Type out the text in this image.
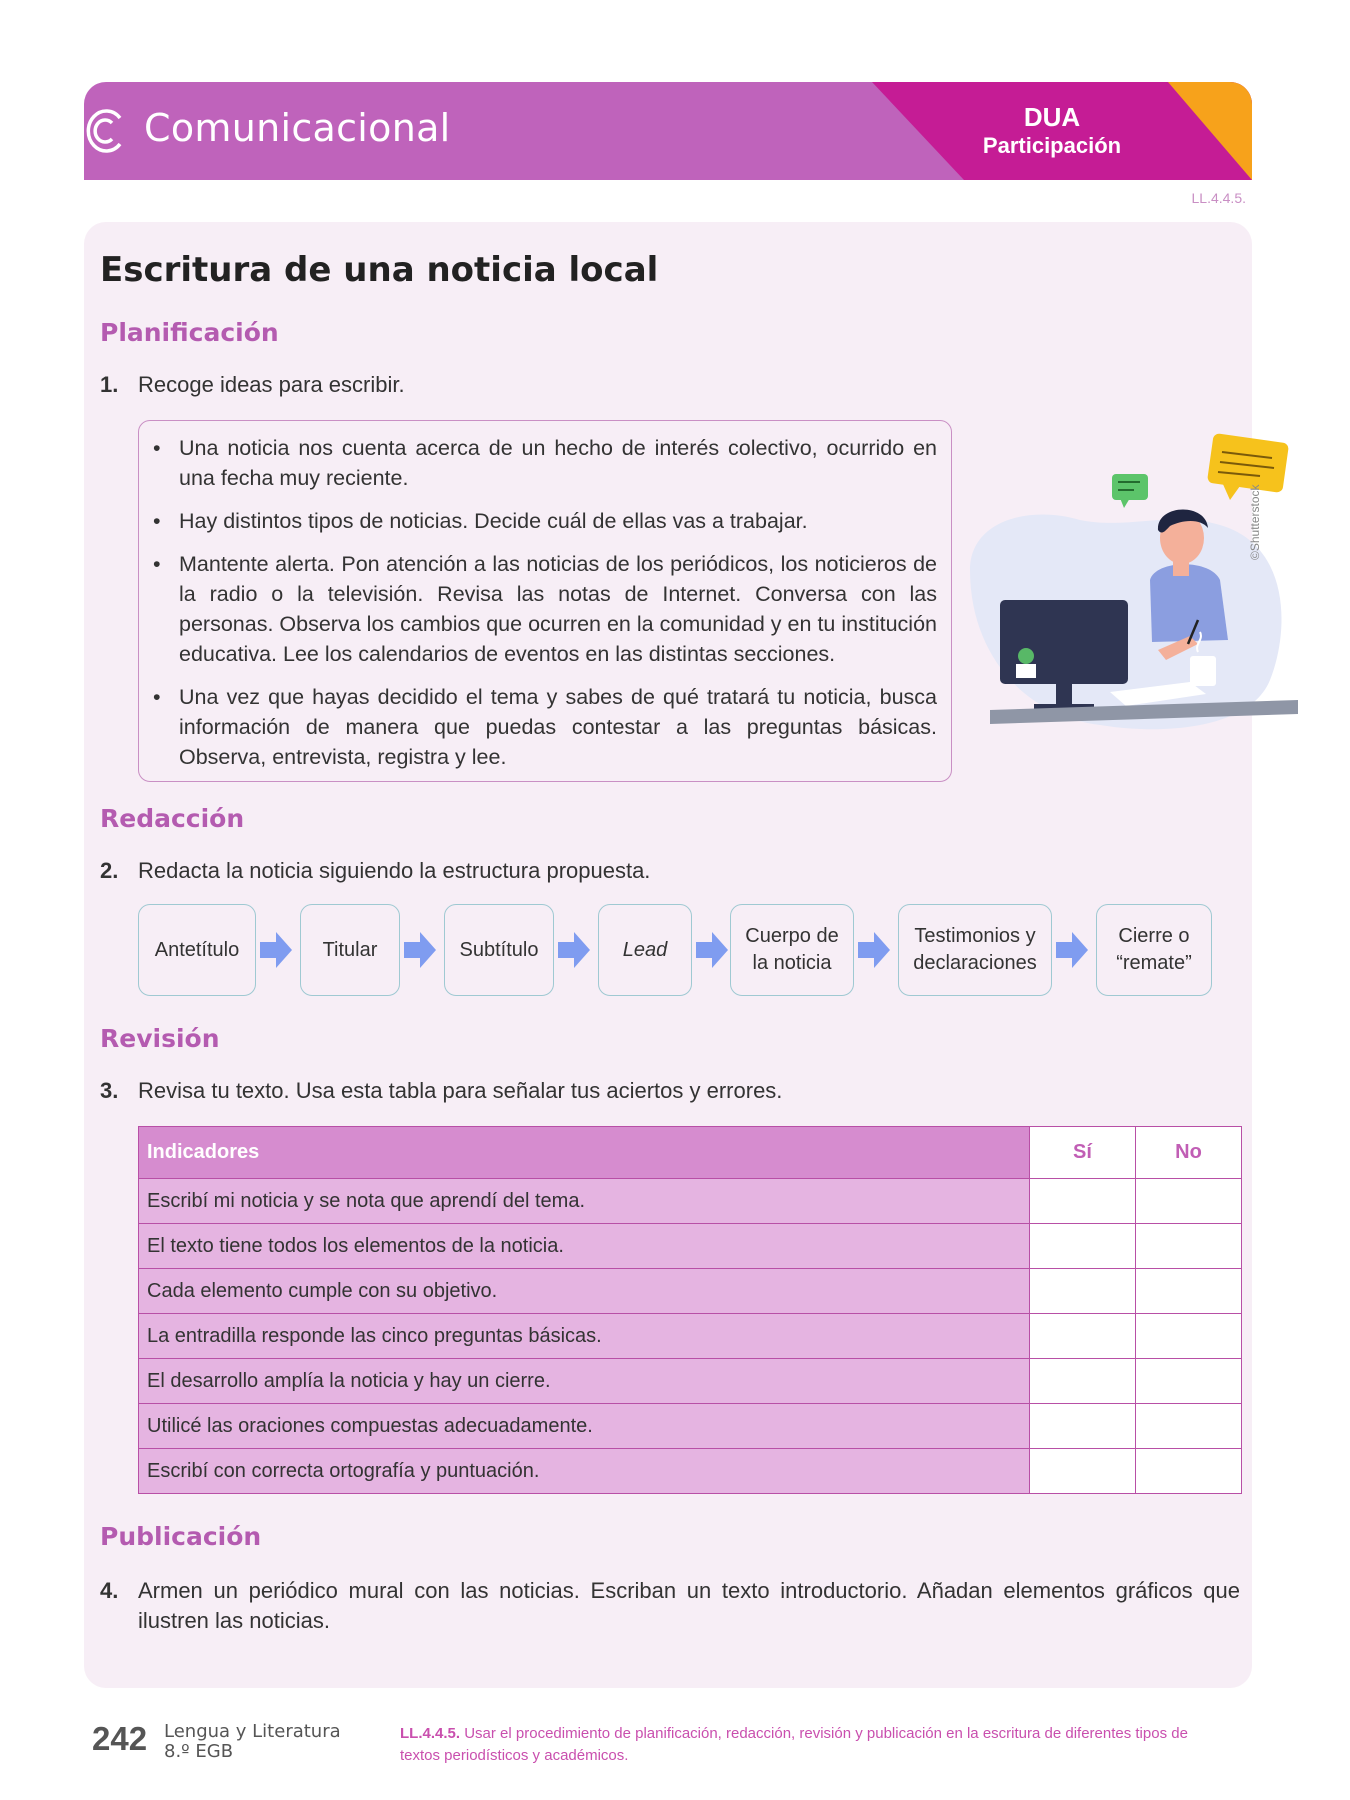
Comunicacional	DUA
Participación
LL.4.4.5.
Escritura de una noticia local
Planificación
1. Recoge ideas para escribir.
• Una noticia nos cuenta acerca de un hecho de interés colectivo, ocurrido en una fecha muy reciente.
• Hay distintos tipos de noticias. Decide cuál de ellas vas a trabajar.
• Mantente alerta. Pon atención a las noticias de los periódicos, los noticieros de la radio o la televisión. Revisa las notas de Internet. Conversa con las personas. Observa los cambios que ocurren en la comunidad y en tu institución educativa. Lee los calendarios de eventos en las distintas secciones.
• Una vez que hayas decidido el tema y sabes de qué tratará tu noticia, busca información de manera que puedas contestar a las preguntas básicas. Observa, entrevista, registra y lee.
©Shutterstock
Redacción
2. Redacta la noticia siguiendo la estructura propuesta.
Antetítulo	Titular	Subtítulo	Lead
Cuerpo de la noticia
Testimonios y declaraciones
Cierre o “remate”
Revisión
3. Revisa tu texto. Usa esta tabla para señalar tus aciertos y errores.
Indicadores	Sí	No
Escribí mi noticia y se nota que aprendí del tema.		
El texto tiene todos los elementos de la noticia.		
Cada elemento cumple con su objetivo.		
La entradilla responde las cinco preguntas básicas.		
El desarrollo amplía la noticia y hay un cierre.		
Utilicé las oraciones compuestas adecuadamente.		
Escribí con correcta ortografía y puntuación.		
Publicación
4. Armen un periódico mural con las noticias. Escriban un texto introductorio. Añadan elementos gráficos que ilustren las noticias.
242 Lengua y Literatura
8.º EGB
LL.4.4.5. Usar el procedimiento de planificación, redacción, revisión y publicación en la escritura de diferentes tipos de textos periodísticos y académicos.
